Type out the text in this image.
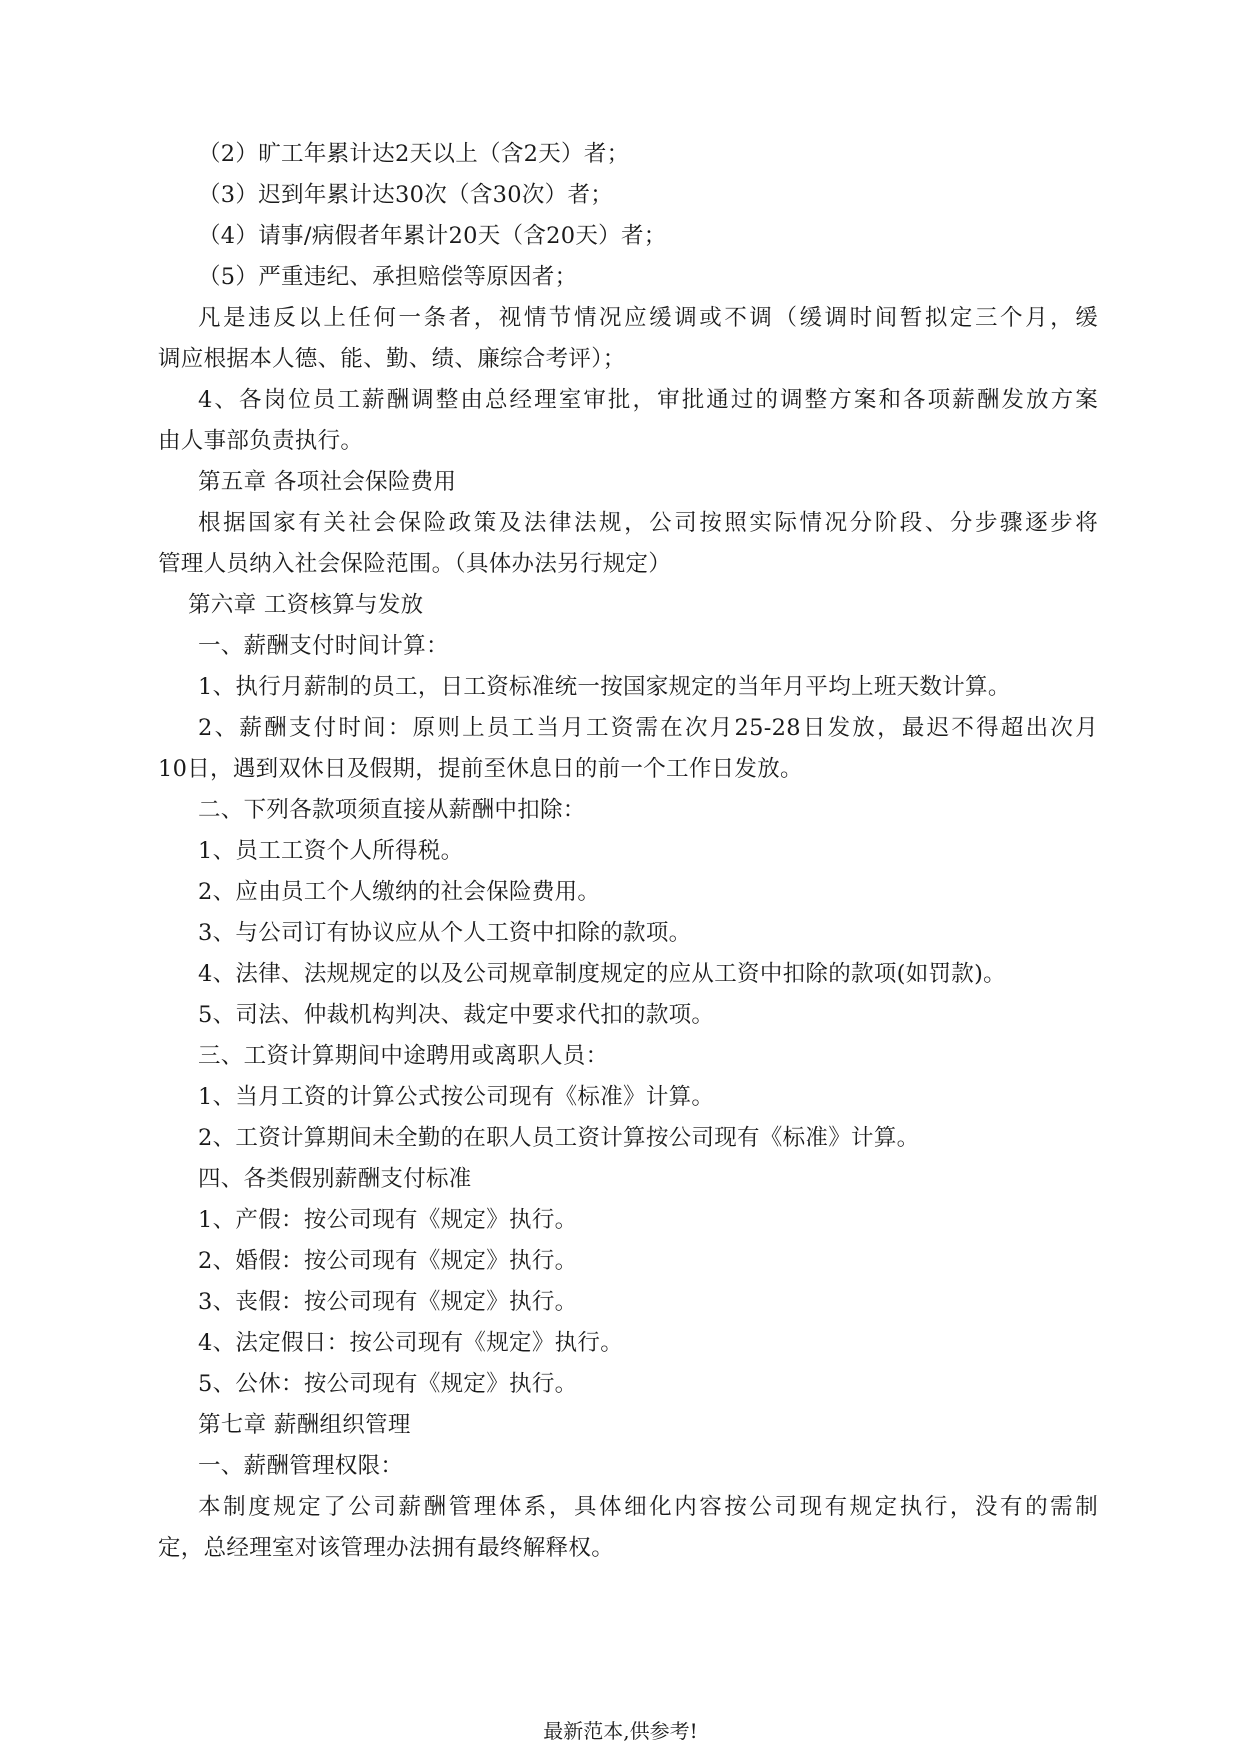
（2）旷工年累计达2天以上（含2天）者；
（3）迟到年累计达30次（含30次）者；
（4）请事/病假者年累计20天（含20天）者；
（5）严重违纪、承担赔偿等原因者；
凡是违反以上任何一条者，视情节情况应缓调或不调（缓调时间暂拟定三个月，缓
调应根据本人德、能、勤、绩、廉综合考评）；
4、各岗位员工薪酬调整由总经理室审批，审批通过的调整方案和各项薪酬发放方案
由人事部负责执行。
第五章 各项社会保险费用
根据国家有关社会保险政策及法律法规，公司按照实际情况分阶段、分步骤逐步将
管理人员纳入社会保险范围。（具体办法另行规定）
第六章 工资核算与发放
一、薪酬支付时间计算：
1、执行月薪制的员工，日工资标准统一按国家规定的当年月平均上班天数计算。
2、薪酬支付时间：原则上员工当月工资需在次月25-28日发放，最迟不得超出次月
10日，遇到双休日及假期，提前至休息日的前一个工作日发放。
二、下列各款项须直接从薪酬中扣除：
1、员工工资个人所得税。
2、应由员工个人缴纳的社会保险费用。
3、与公司订有协议应从个人工资中扣除的款项。
4、法律、法规规定的以及公司规章制度规定的应从工资中扣除的款项(如罚款)。
5、司法、仲裁机构判决、裁定中要求代扣的款项。
三、工资计算期间中途聘用或离职人员：
1、当月工资的计算公式按公司现有《标准》计算。
2、工资计算期间未全勤的在职人员工资计算按公司现有《标准》计算。
四、各类假别薪酬支付标准
1、产假：按公司现有《规定》执行。
2、婚假：按公司现有《规定》执行。
3、丧假：按公司现有《规定》执行。
4、法定假日：按公司现有《规定》执行。
5、公休：按公司现有《规定》执行。
第七章 薪酬组织管理
一、薪酬管理权限：
本制度规定了公司薪酬管理体系，具体细化内容按公司现有规定执行，没有的需制
定，总经理室对该管理办法拥有最终解释权。
最新范本,供参考!
